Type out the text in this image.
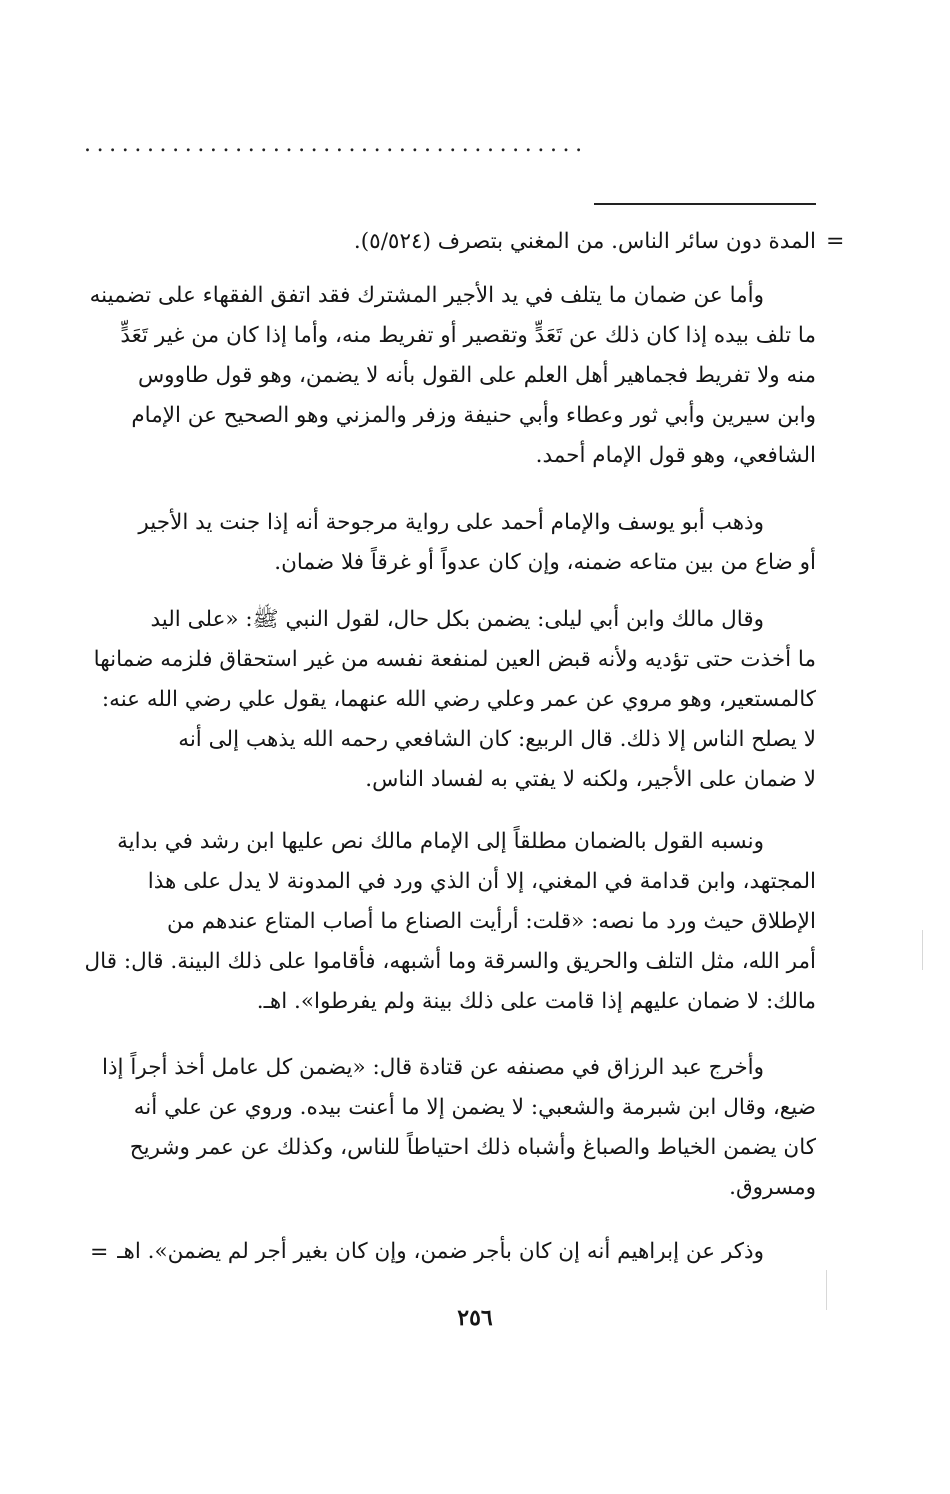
........................................
=
المدة دون سائر الناس. من المغني بتصرف (٥/٥٢٤).
وأما عن ضمان ما يتلف في يد الأجير المشترك فقد اتفق الفقهاء على تضمينه
ما تلف بيده إذا كان ذلك عن تَعَدٍّ وتقصير أو تفريط منه، وأما إذا كان من غير تَعَدٍّ
منه ولا تفريط فجماهير أهل العلم على القول بأنه لا يضمن، وهو قول طاووس
وابن سيرين وأبي ثور وعطاء وأبي حنيفة وزفر والمزني وهو الصحيح عن الإمام
الشافعي، وهو قول الإمام أحمد.
وذهب أبو يوسف والإمام أحمد على رواية مرجوحة أنه إذا جنت يد الأجير
أو ضاع من بين متاعه ضمنه، وإن كان عدواً أو غرقاً فلا ضمان.
وقال مالك وابن أبي ليلى: يضمن بكل حال، لقول النبي ﷺ: «على اليد
ما أخذت حتى تؤديه ولأنه قبض العين لمنفعة نفسه من غير استحقاق فلزمه ضمانها
كالمستعير، وهو مروي عن عمر وعلي رضي الله عنهما، يقول علي رضي الله عنه:
لا يصلح الناس إلا ذلك. قال الربيع: كان الشافعي رحمه الله يذهب إلى أنه
لا ضمان على الأجير، ولكنه لا يفتي به لفساد الناس.
ونسبه القول بالضمان مطلقاً إلى الإمام مالك نص عليها ابن رشد في بداية
المجتهد، وابن قدامة في المغني، إلا أن الذي ورد في المدونة لا يدل على هذا
الإطلاق حيث ورد ما نصه: «قلت: أرأيت الصناع ما أصاب المتاع عندهم من
أمر الله، مثل التلف والحريق والسرقة وما أشبهه، فأقاموا على ذلك البينة. قال: قال
مالك: لا ضمان عليهم إذا قامت على ذلك بينة ولم يفرطوا». اهـ.
وأخرج عبد الرزاق في مصنفه عن قتادة قال: «يضمن كل عامل أخذ أجراً إذا
ضيع، وقال ابن شبرمة والشعبي: لا يضمن إلا ما أعنت بيده. وروي عن علي أنه
كان يضمن الخياط والصباغ وأشباه ذلك احتياطاً للناس، وكذلك عن عمر وشريح
ومسروق.
وذكر عن إبراهيم أنه إن كان بأجر ضمن، وإن كان بغير أجر لم يضمن». اهـ
=
٢٥٦
